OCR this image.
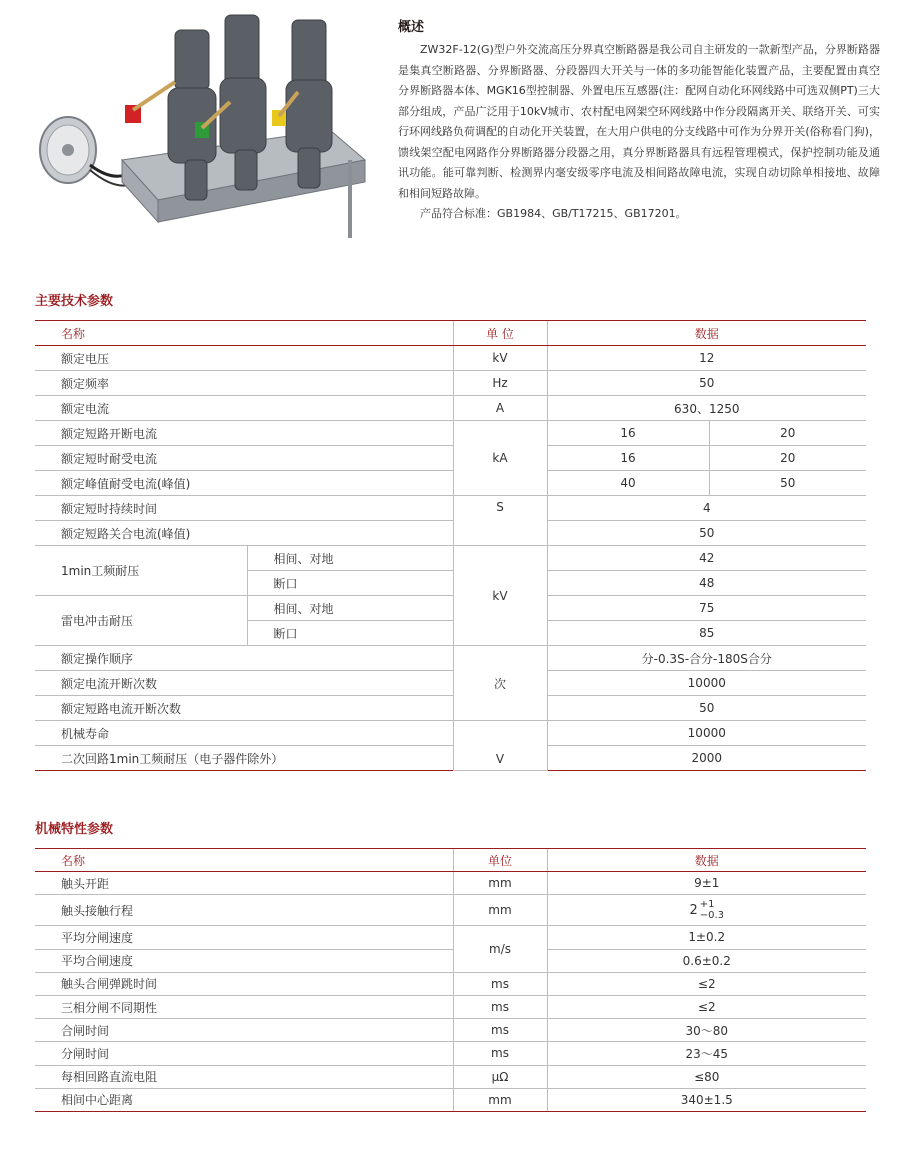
概述

ZW32F-12(G)型户外交流高压分界真空断路器是我公司自主研发的一款新型产品，分界断路器是集真空断路器、分界断路器、分段器四大开关与一体的多功能智能化装置产品，主要配置由真空分界断路器本体、MGK16型控制器、外置电压互感器(注：配网自动化环网线路中可选双侧PT)三大部分组成，产品广泛用于10kV城市、农村配电网架空环网线路中作分段隔离开关、联络开关、可实行环网线路负荷调配的自动化开关装置，在大用户供电的分支线路中可作为分界开关(俗称看门狗)，馈线架空配电网路作分界断路器分段器之用，真分界断路器具有远程管理模式，保护控制功能及通讯功能。能可靠判断、检测界内毫安级零序电流及相间路故障电流，实现自动切除单相接地、故障和相间短路故障。

产品符合标准：GB1984、GB/T17215、GB17201。

主要技术参数
名称		单 位	数据	
额定电压		kV	12	
额定频率		Hz	50	
额定电流		A	630、1250	
额定短路开断电流		kA	16	20
额定短时耐受电流			16	20
额定峰值耐受电流(峰值)			40	50
额定短时持续时间		S	4	
额定短路关合电流(峰值)			50	
1min工频耐压	相间、对地	kV	42	
	断口		48	
雷电冲击耐压	相间、对地		75	
	断口		85	
额定操作顺序		次	分-0.3S-合分-180S合分	
额定电流开断次数			10000	
额定短路电流开断次数			50	
机械寿命		V	10000	
二次回路1min工频耐压（电子器件除外）			2000	
机械特性参数
名称	单位	数据
触头开距	mm	9±1
触头接触行程	mm	2 +1
−0.3

平均分闸速度	m/s	1±0.2
平均合闸速度		0.6±0.2
触头合闸弹跳时间	ms	≤2
三相分闸不同期性	ms	≤2
合闸时间	ms	30～80
分闸时间	ms	23～45
每相回路直流电阻	μΩ	≤80
相间中心距离	mm	340±1.5
